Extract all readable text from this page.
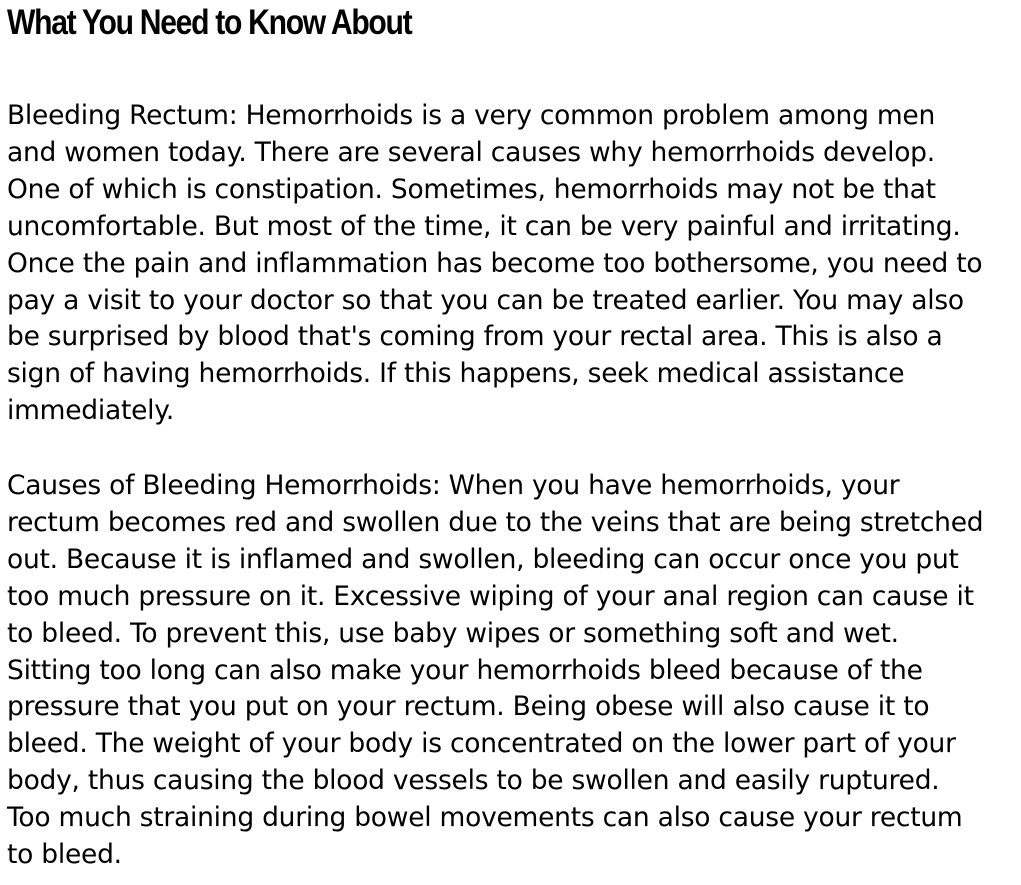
What You Need to Know About

Bleeding Rectum: Hemorrhoids is a very common problem among men
and women today. There are several causes why hemorrhoids develop.
One of which is constipation. Sometimes, hemorrhoids may not be that
uncomfortable. But most of the time, it can be very painful and irritating.
Once the pain and inflammation has become too bothersome, you need to
pay a visit to your doctor so that you can be treated earlier. You may also
be surprised by blood that's coming from your rectal area. This is also a
sign of having hemorrhoids. If this happens, seek medical assistance
immediately.

Causes of Bleeding Hemorrhoids: When you have hemorrhoids, your
rectum becomes red and swollen due to the veins that are being stretched
out. Because it is inflamed and swollen, bleeding can occur once you put
too much pressure on it. Excessive wiping of your anal region can cause it
to bleed. To prevent this, use baby wipes or something soft and wet.
Sitting too long can also make your hemorrhoids bleed because of the
pressure that you put on your rectum. Being obese will also cause it to
bleed. The weight of your body is concentrated on the lower part of your
body, thus causing the blood vessels to be swollen and easily ruptured.
Too much straining during bowel movements can also cause your rectum
to bleed.
